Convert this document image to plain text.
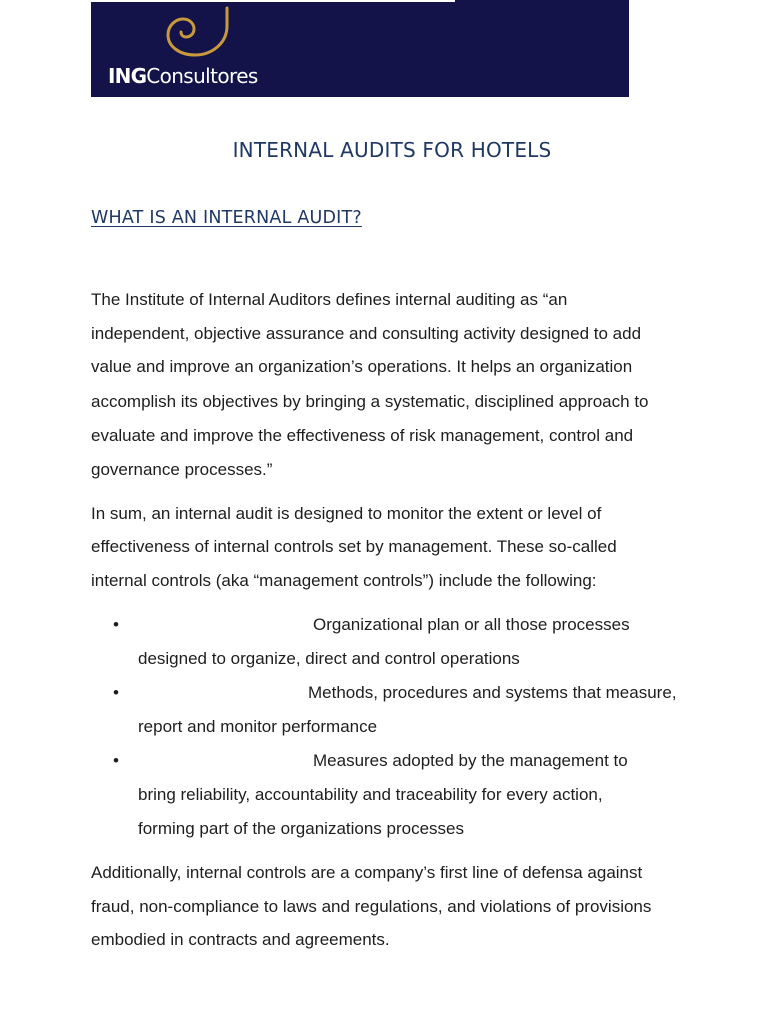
INGConsultores
INTERNAL AUDITS FOR HOTELS
WHAT IS AN INTERNAL AUDIT?
The Institute of Internal Auditors defines internal auditing as “an
independent, objective assurance and consulting activity designed to add
value and improve an organization’s operations. It helps an organization
accomplish its objectives by bringing a systematic, disciplined approach to
evaluate and improve the effectiveness of risk management, control and
governance processes.”
In sum, an internal audit is designed to monitor the extent or level of
effectiveness of internal controls set by management. These so-called
internal controls (aka “management controls”) include the following:
•	Organizational plan or all those processes
designed to organize, direct and control operations
•	Methods, procedures and systems that measure,
report and monitor performance
•	Measures adopted by the management to
bring reliability, accountability and traceability for every action,
forming part of the organizations processes
Additionally, internal controls are a company’s first line of defensa against
fraud, non-compliance to laws and regulations, and violations of provisions
embodied in contracts and agreements.
